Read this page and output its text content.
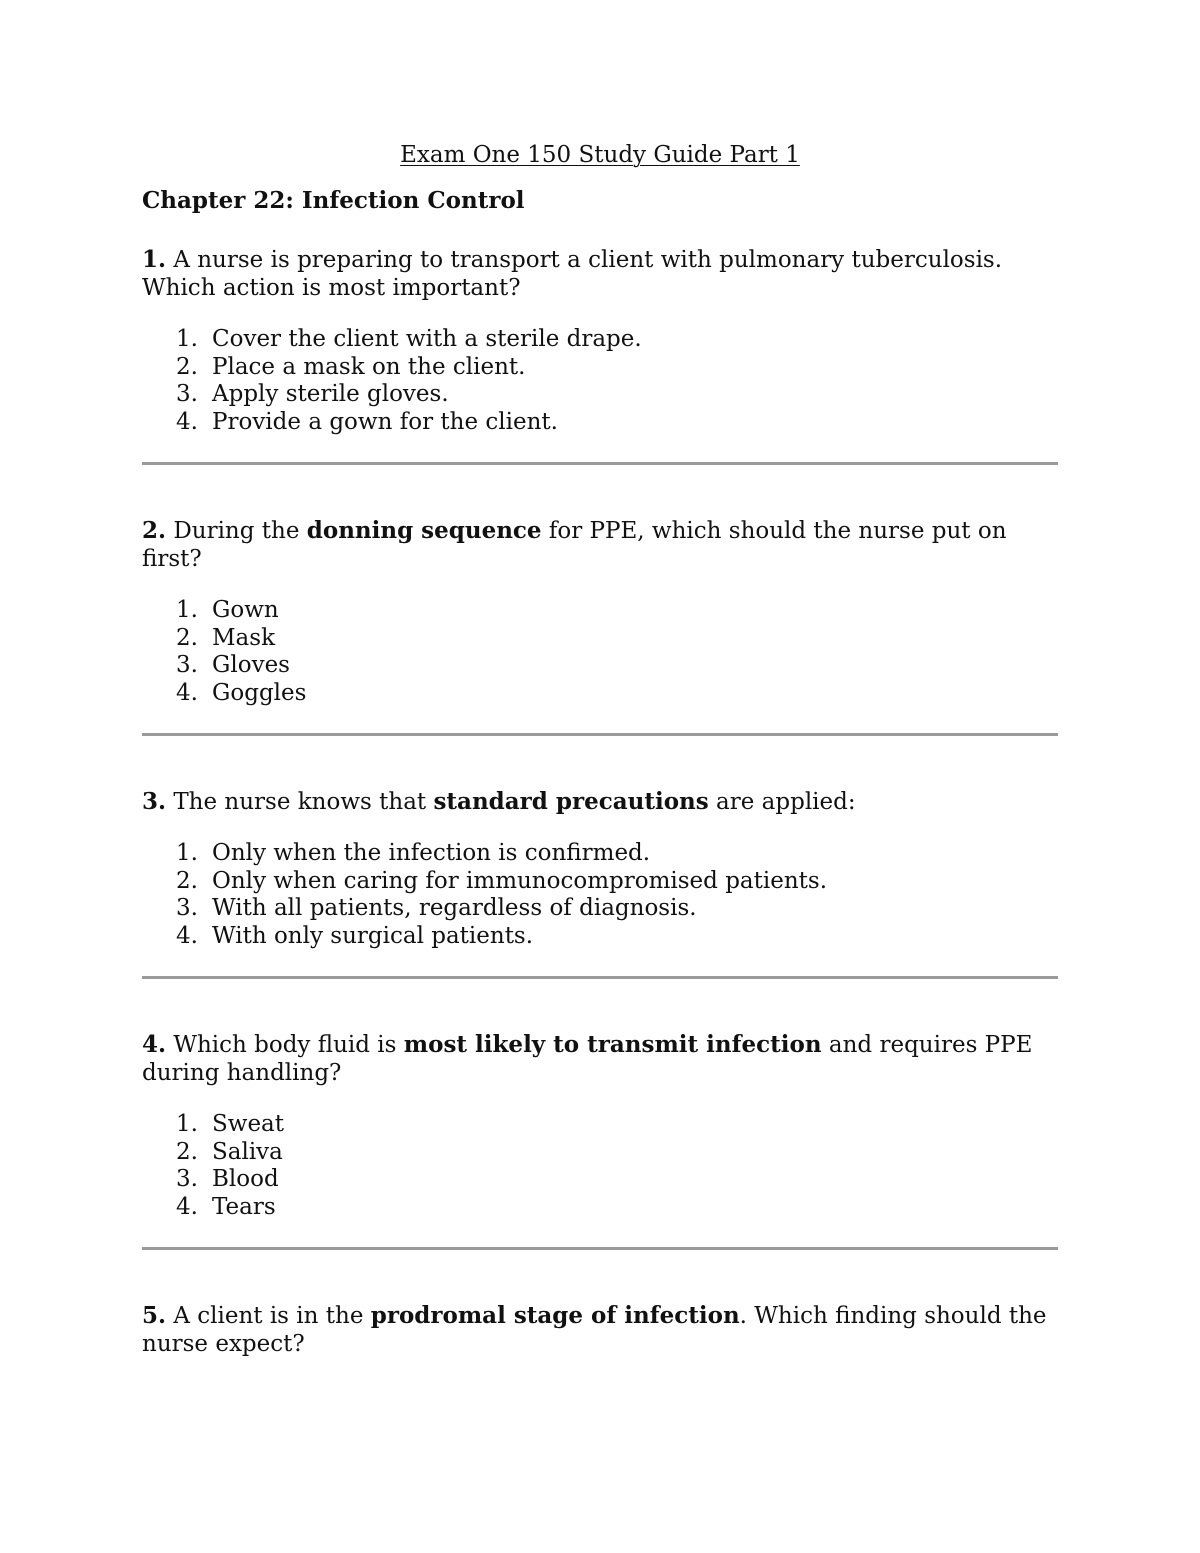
Exam One 150 Study Guide Part 1

Chapter 22: Infection Control

1. A nurse is preparing to transport a client with pulmonary tuberculosis. Which action is most important?

1. Cover the client with a sterile drape.
2. Place a mask on the client.
3. Apply sterile gloves.
4. Provide a gown for the client.

2. During the donning sequence for PPE, which should the nurse put on first?

1. Gown
2. Mask
3. Gloves
4. Goggles

3. The nurse knows that standard precautions are applied:

1. Only when the infection is confirmed.
2. Only when caring for immunocompromised patients.
3. With all patients, regardless of diagnosis.
4. With only surgical patients.

4. Which body fluid is most likely to transmit infection and requires PPE during handling?

1. Sweat
2. Saliva
3. Blood
4. Tears

5. A client is in the prodromal stage of infection. Which finding should the nurse expect?
